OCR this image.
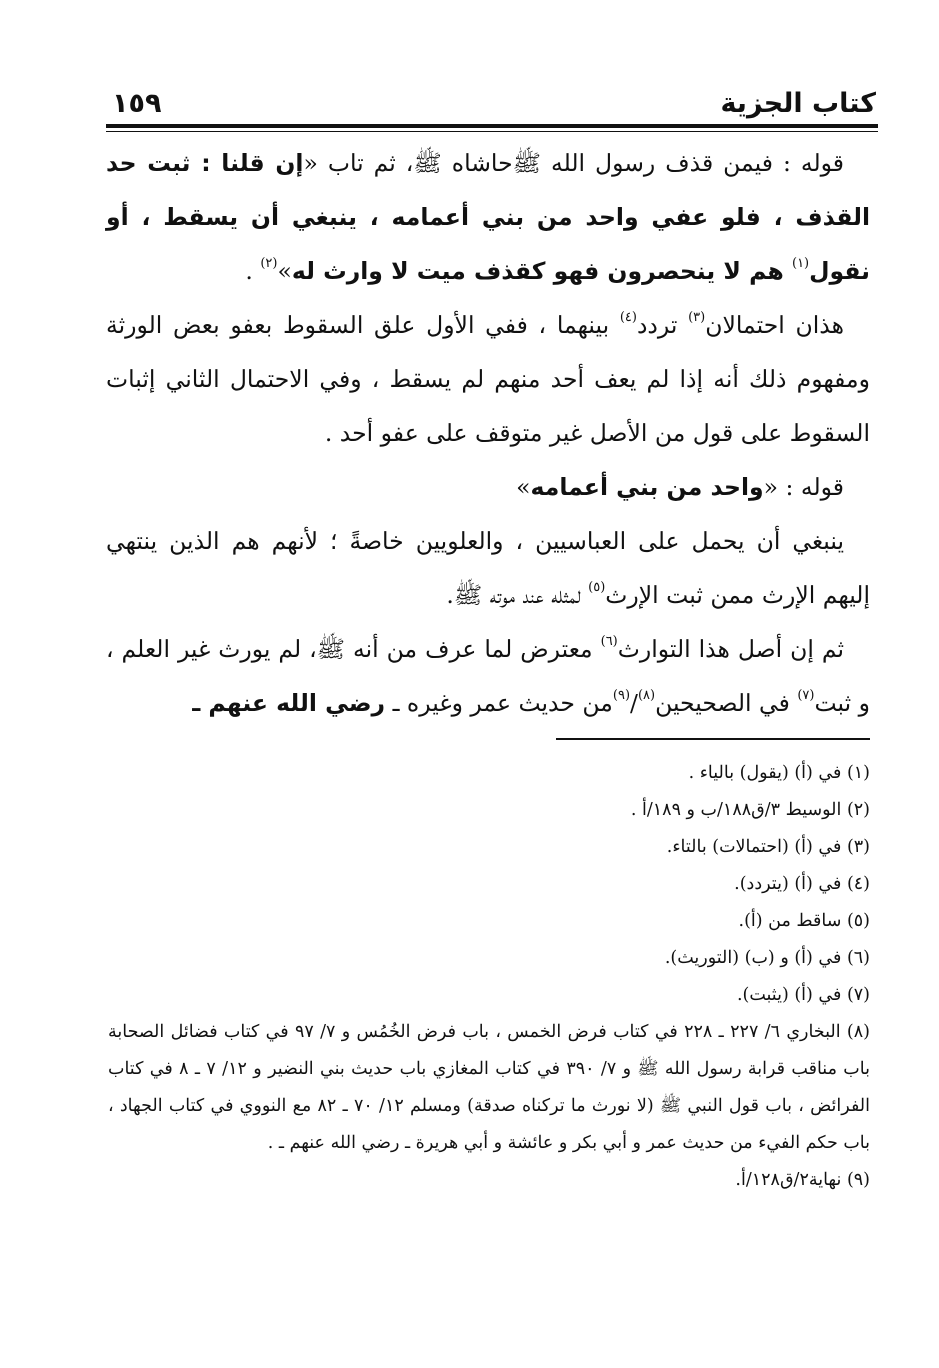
كتاب الجزية
١٥٩

قوله : فيمن قذف رسول الله ﷺحاشاه ﷺ، ثم تاب «إن قلنا : ثبت حد القذف ، فلو عفي واحد من بني أعمامه ، ينبغي أن يسقط ، أو نقول$^{(١)}$ هم لا ينحصرون فهو كقذف ميت لا وارث له»$^{(٢)}$ .

هذان احتمالان$^{(٣)}$ تردد$^{(٤)}$ بينهما ، ففي الأول علق السقوط بعفو بعض الورثة ومفهوم ذلك أنه إذا لم يعف أحد منهم لم يسقط ، وفي الاحتمال الثاني إثبات السقوط على قول من الأصل غير متوقف على عفو أحد .

قوله : «واحد من بني أعمامه»

ينبغي أن يحمل على العباسيين ، والعلويين خاصةً ؛ لأنهم هم الذين ينتهي إليهم الإرث ممن ثبت الإرث$^{(٥)}$ لمثله عند موته ﷺ.

ثم إن أصل هذا التوارث$^{(٦)}$ معترض لما عرف من أنه ﷺ، لم يورث غير العلم ، و ثبت$^{(٧)}$ في الصحيحين$^{(٨)}$/$^{(٩)}$من حديث عمر وغيره ـ رضي الله عنهم ـ

(١) في (أ) (يقول) بالياء .
(٢) الوسيط ٣/ق١٨٨/ب و ١٨٩/أ .
(٣) في (أ) (احتمالات) بالتاء.
(٤) في (أ) (يتردد).
(٥) ساقط من (أ).
(٦) في (أ) و (ب) (التوريث).
(٧) في (أ) (يثبت).
(٨) البخاري ٦/ ٢٢٧ ـ ٢٢٨ في كتاب فرض الخمس ، باب فرض الخُمُس و ٧/ ٩٧ في كتاب فضائل الصحابة باب مناقب قرابة رسول الله ﷺ و ٧/ ٣٩٠ في كتاب المغازي باب حديث بني النضير و ١٢/ ٧ ـ ٨ في كتاب الفرائض ، باب قول النبي ﷺ (لا نورث ما تركناه صدقة) ومسلم ١٢/ ٧٠ ـ ٨٢ مع النووي في كتاب الجهاد ، باب حكم الفيء من حديث عمر و أبي بكر و عائشة و أبي هريرة ـ رضي الله عنهم ـ .
(٩) نهاية٢/ق١٢٨/أ.
